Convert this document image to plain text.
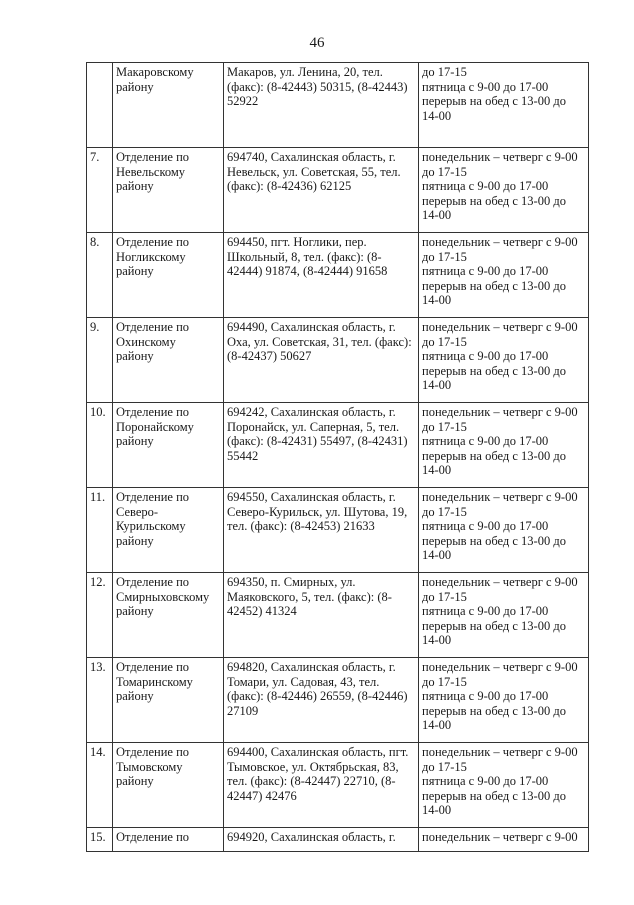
46

	Макаровскому
району	Макаров, ул. Ленина, 20, тел. (факс): (8-42443) 50315, (8-42443) 52922	до 17-15
пятница с 9-00 до 17-00
перерыв на обед с 13-00 до 14-00

7.	Отделение по
Невельскому
району	694740, Сахалинская область, г. Невельск, ул. Советская, 55, тел. (факс): (8-42436) 62125	понедельник – четверг с 9-00 до 17-15
пятница с 9-00 до 17-00
перерыв на обед с 13-00 до 14-00

8.	Отделение по
Ногликскому
району	694450, пгт. Ноглики, пер. Школьный, 8, тел. (факс): (8-42444) 91874, (8-42444) 91658	понедельник – четверг с 9-00 до 17-15
пятница с 9-00 до 17-00
перерыв на обед с 13-00 до 14-00

9.	Отделение по
Охинскому
району	694490, Сахалинская область, г. Оха, ул. Советская, 31, тел. (факс): (8-42437) 50627	понедельник – четверг с 9-00 до 17-15
пятница с 9-00 до 17-00
перерыв на обед с 13-00 до 14-00

10.	Отделение по
Поронайскому
району	694242, Сахалинская область, г. Поронайск, ул. Саперная, 5, тел. (факс): (8-42431) 55497, (8-42431) 55442	понедельник – четверг с 9-00 до 17-15
пятница с 9-00 до 17-00
перерыв на обед с 13-00 до 14-00

11.	Отделение по
Северо-
Курильскому
району	694550, Сахалинская область, г. Северо-Курильск, ул. Шутова, 19, тел. (факс): (8-42453) 21633	понедельник – четверг с 9-00 до 17-15
пятница с 9-00 до 17-00
перерыв на обед с 13-00 до 14-00

12.	Отделение по
Смирныховскому
району	694350, п. Смирных, ул. Маяковского, 5, тел. (факс): (8-42452) 41324	понедельник – четверг с 9-00 до 17-15
пятница с 9-00 до 17-00
перерыв на обед с 13-00 до 14-00

13.	Отделение по
Томаринскому
району	694820, Сахалинская область, г. Томари, ул. Садовая, 43, тел. (факс): (8-42446) 26559, (8-42446) 27109	понедельник – четверг с 9-00 до 17-15
пятница с 9-00 до 17-00
перерыв на обед с 13-00 до 14-00

14.	Отделение по
Тымовскому
району	694400, Сахалинская область, пгт. Тымовское, ул. Октябрьская, 83, тел. (факс): (8-42447) 22710, (8-42447) 42476	понедельник – четверг с 9-00 до 17-15
пятница с 9-00 до 17-00
перерыв на обед с 13-00 до 14-00

15.	Отделение по	694920, Сахалинская область, г.	понедельник – четверг с 9-00
